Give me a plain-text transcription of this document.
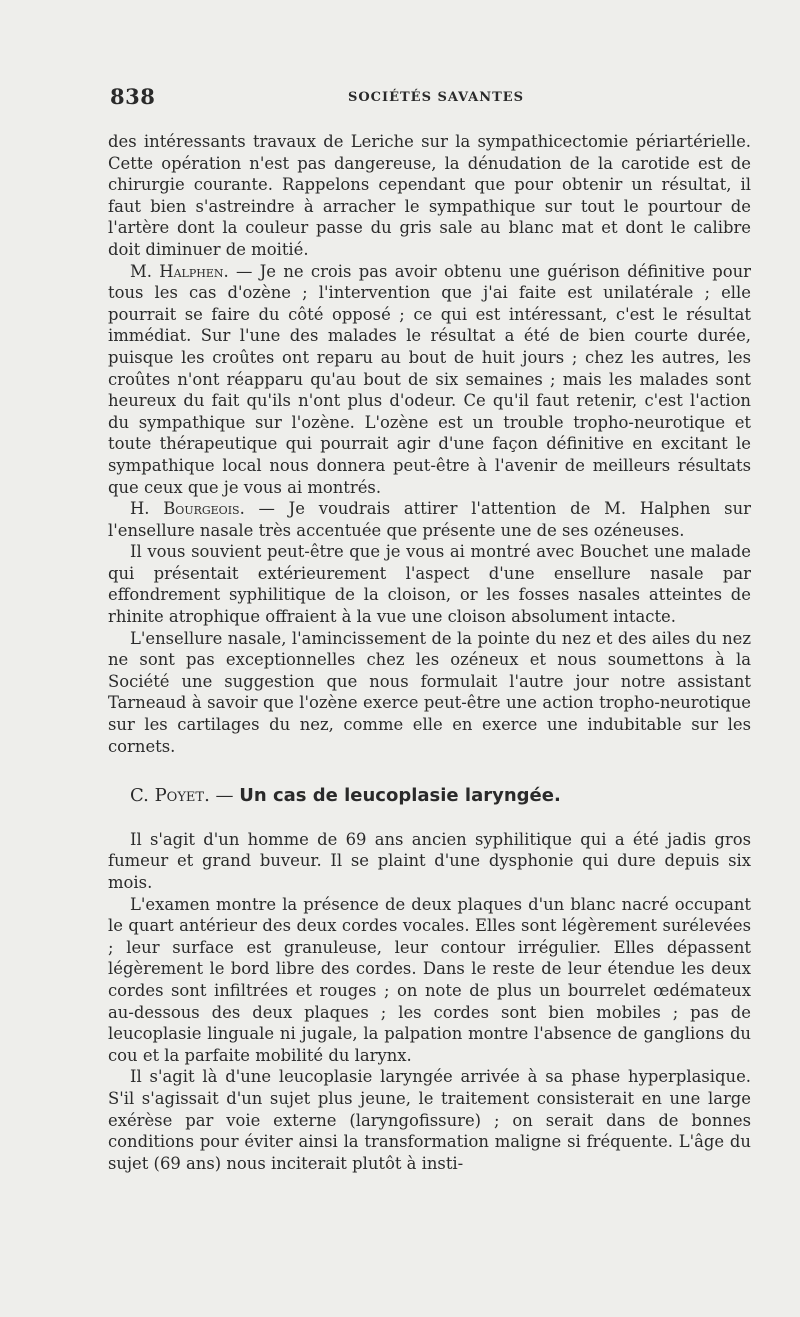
838	SOCIÉTÉS SAVANTES

des intéressants travaux de Leriche sur la sympathicectomie périartérielle. Cette opération n'est pas dangereuse, la dénudation de la carotide est de chirurgie courante. Rappelons cependant que pour obtenir un résultat, il faut bien s'astreindre à arracher le sympathique sur tout le pourtour de l'artère dont la couleur passe du gris sale au blanc mat et dont le calibre doit diminuer de moitié.

M. Halphen. — Je ne crois pas avoir obtenu une guérison définitive pour tous les cas d'ozène ; l'intervention que j'ai faite est unilatérale ; elle pourrait se faire du côté opposé ; ce qui est intéressant, c'est le résultat immédiat. Sur l'une des malades le résultat a été de bien courte durée, puisque les croûtes ont reparu au bout de huit jours ; chez les autres, les croûtes n'ont réapparu qu'au bout de six semaines ; mais les malades sont heureux du fait qu'ils n'ont plus d'odeur. Ce qu'il faut retenir, c'est l'action du sympathique sur l'ozène. L'ozène est un trouble tropho-neurotique et toute thérapeutique qui pourrait agir d'une façon définitive en excitant le sympathique local nous donnera peut-être à l'avenir de meilleurs résultats que ceux que je vous ai montrés.

H. Bourgeois. — Je voudrais attirer l'attention de M. Halphen sur l'ensellure nasale très accentuée que présente une de ses ozéneuses.

Il vous souvient peut-être que je vous ai montré avec Bouchet une malade qui présentait extérieurement l'aspect d'une ensellure nasale par effondrement syphilitique de la cloison, or les fosses nasales atteintes de rhinite atrophique offraient à la vue une cloison absolument intacte.

L'ensellure nasale, l'amincissement de la pointe du nez et des ailes du nez ne sont pas exceptionnelles chez les ozéneux et nous soumettons à la Société une suggestion que nous formulait l'autre jour notre assistant Tarneaud à savoir que l'ozène exerce peut-être une action tropho-neurotique sur les cartilages du nez, comme elle en exerce une indubitable sur les cornets.

C. Poyet. — Un cas de leucoplasie laryngée.

Il s'agit d'un homme de 69 ans ancien syphilitique qui a été jadis gros fumeur et grand buveur. Il se plaint d'une dysphonie qui dure depuis six mois.

L'examen montre la présence de deux plaques d'un blanc nacré occupant le quart antérieur des deux cordes vocales. Elles sont légèrement surélevées ; leur surface est granuleuse, leur contour irrégulier. Elles dépassent légèrement le bord libre des cordes. Dans le reste de leur étendue les deux cordes sont infiltrées et rouges ; on note de plus un bourrelet œdémateux au-dessous des deux plaques ; les cordes sont bien mobiles ; pas de leucoplasie linguale ni jugale, la palpation montre l'absence de ganglions du cou et la parfaite mobilité du larynx.

Il s'agit là d'une leucoplasie laryngée arrivée à sa phase hyperplasique. S'il s'agissait d'un sujet plus jeune, le traitement consisterait en une large exérèse par voie externe (laryngofissure) ; on serait dans de bonnes conditions pour éviter ainsi la transformation maligne si fréquente. L'âge du sujet (69 ans) nous inciterait plutôt à insti-
